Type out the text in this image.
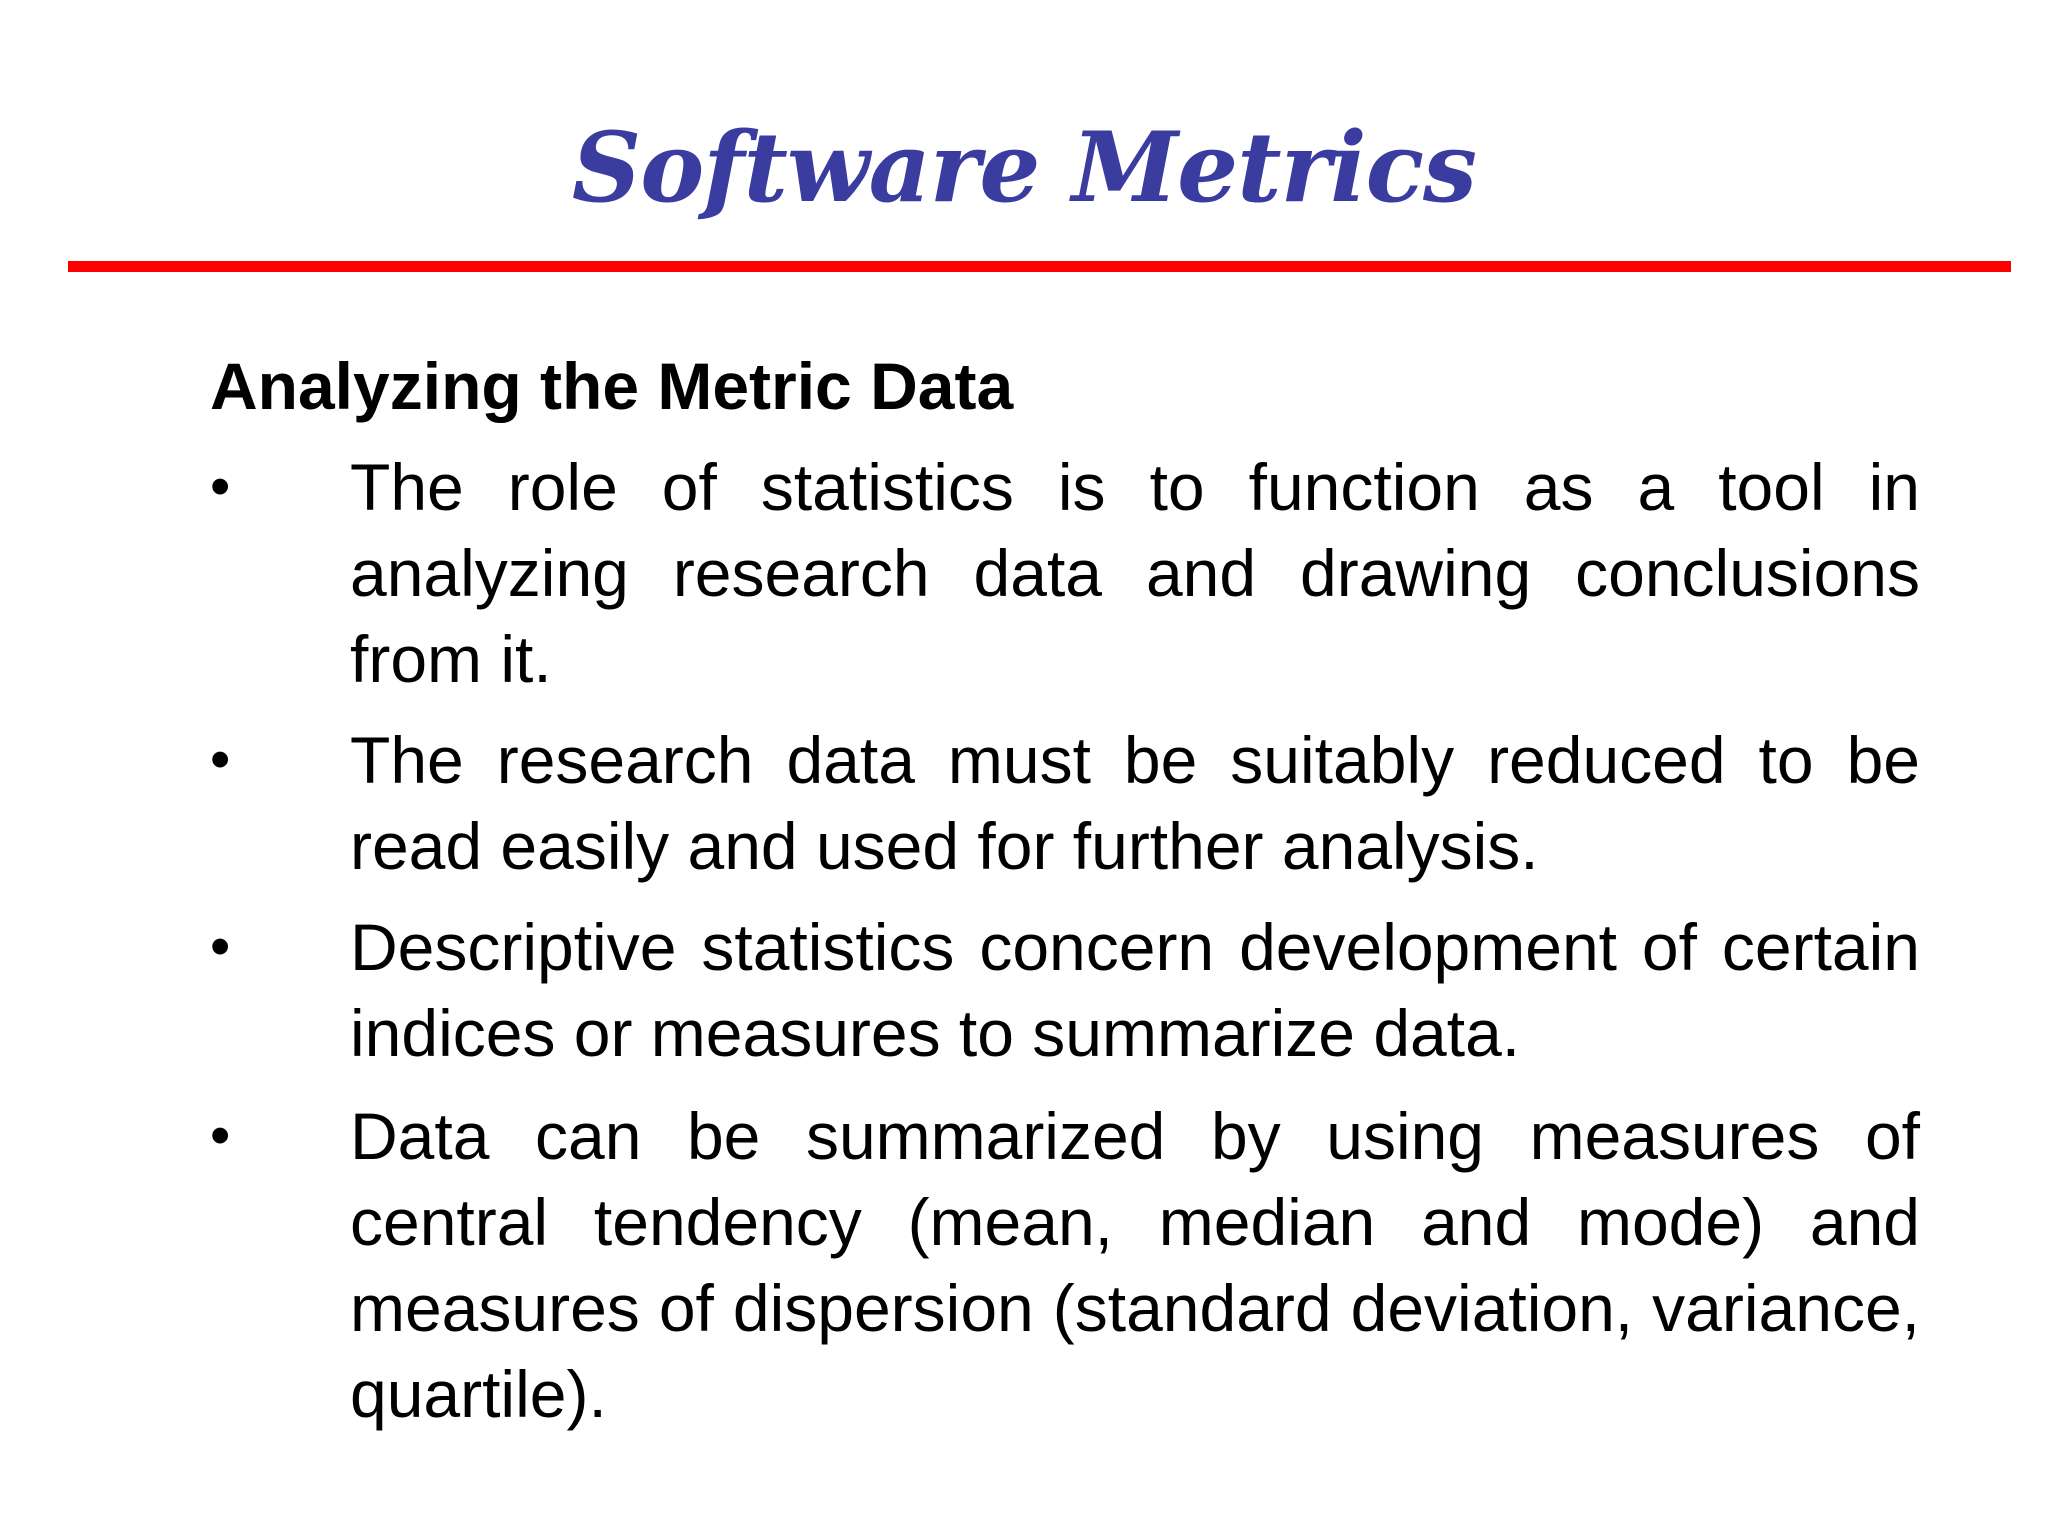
Software Metrics
Analyzing the Metric Data
• The role of statistics is to function as a tool in analyzing research data and drawing conclusions from it.
• The research data must be suitably reduced to be read easily and used for further analysis.
• Descriptive statistics concern development of certain indices or measures to summarize data.
• Data can be summarized by using measures of central tendency (mean, median and mode) and measures of dispersion (standard deviation, variance, quartile).
